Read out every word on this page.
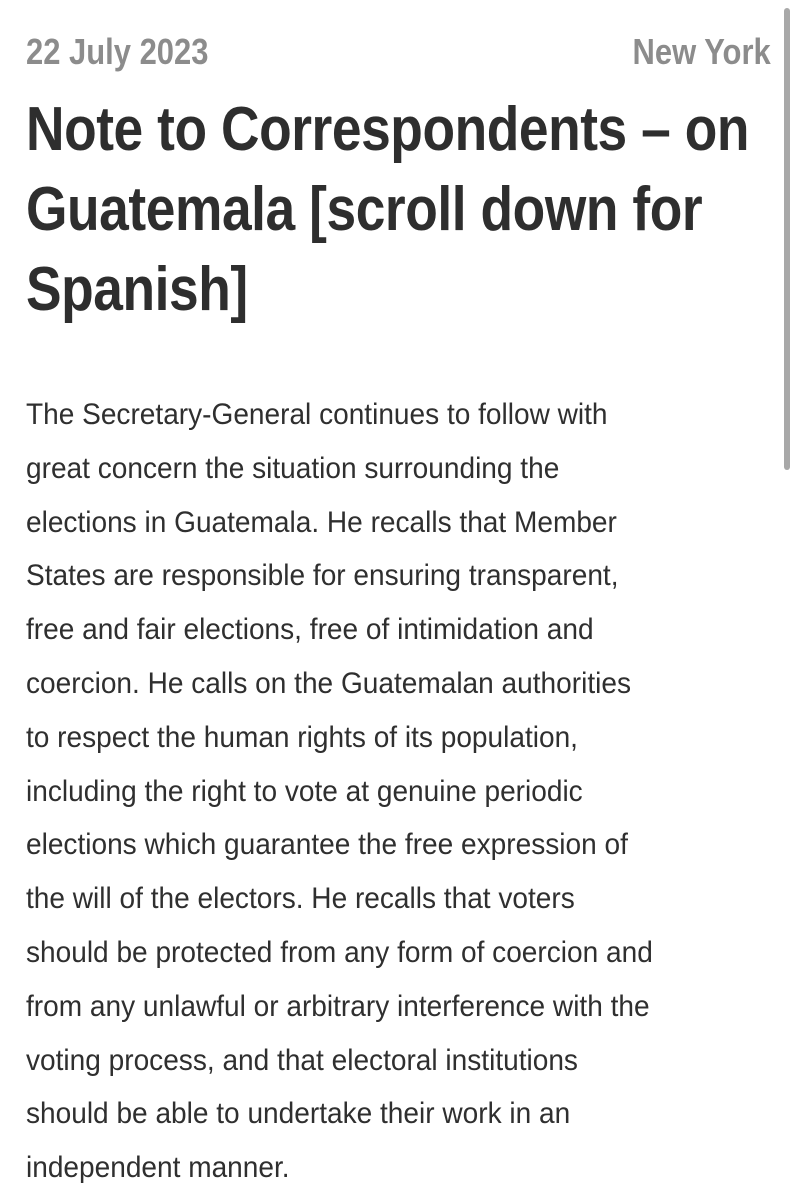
22 July 2023	New York
Note to Correspondents – on Guatemala [scroll down for Spanish]

The Secretary-General continues to follow with
great concern the situation surrounding the
elections in Guatemala. He recalls that Member
States are responsible for ensuring transparent,
free and fair elections, free of intimidation and
coercion. He calls on the Guatemalan authorities
to respect the human rights of its population,
including the right to vote at genuine periodic
elections which guarantee the free expression of
the will of the electors. He recalls that voters
should be protected from any form of coercion and
from any unlawful or arbitrary interference with the
voting process, and that electoral institutions
should be able to undertake their work in an
independent manner.
